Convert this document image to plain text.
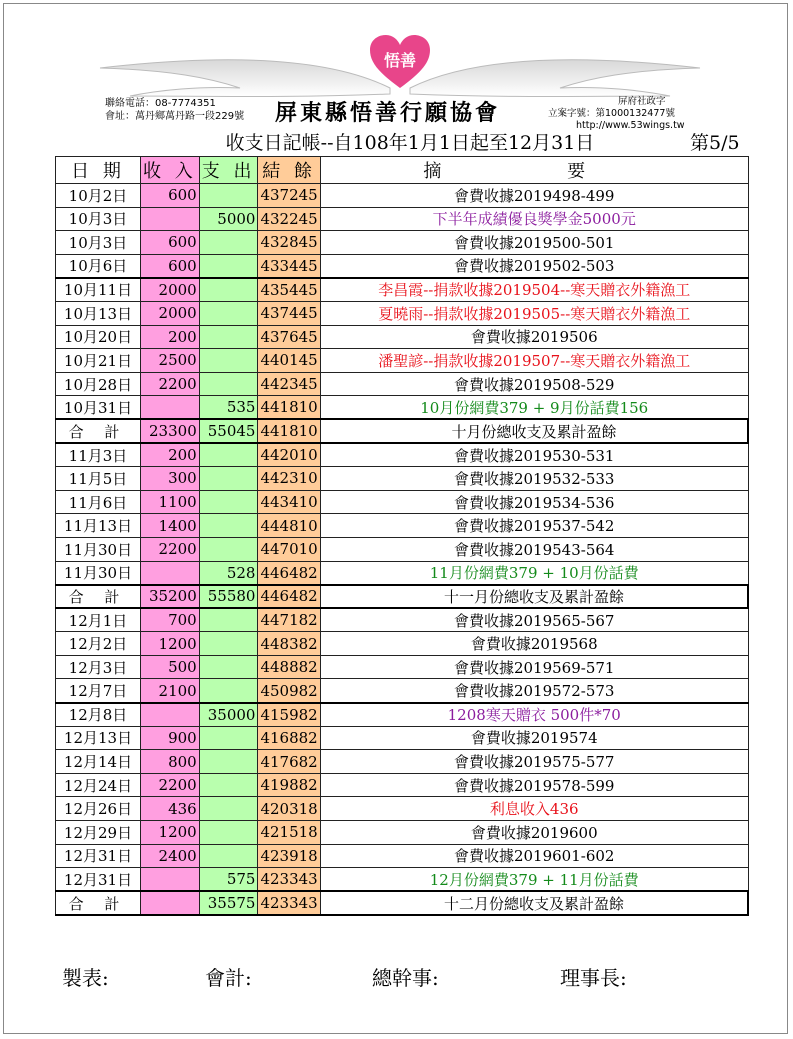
悟善
聯絡電話：08-7774351
會址：萬丹鄉萬丹路一段229號 屏東縣悟善行願協會	屏府社政字
立案字號：第1000132477號
http://www.53wings.tw
收支日記帳--自108年1月1日起至12月31日	第5/5
日 期	收 入	支 出	結 餘	摘 要
10月2日	600		437245	會費收據2019498-499
10月3日		5000	432245	下半年成績優良獎學金5000元
10月3日	600		432845	會費收據2019500-501
10月6日	600		433445	會費收據2019502-503
10月11日	2000		435445	李昌霞--捐款收據2019504--寒天贈衣外籍漁工
10月13日	2000		437445	夏曉雨--捐款收據2019505--寒天贈衣外籍漁工
10月20日	200		437645	會費收據2019506
10月21日	2500		440145	潘聖諺--捐款收據2019507--寒天贈衣外籍漁工
10月28日	2200		442345	會費收據2019508-529
10月31日		535	441810	10月份網費379 + 9月份話費156
合 計	23300	55045	441810	十月份總收支及累計盈餘
11月3日	200		442010	會費收據2019530-531
11月5日	300		442310	會費收據2019532-533
11月6日	1100		443410	會費收據2019534-536
11月13日	1400		444810	會費收據2019537-542
11月30日	2200		447010	會費收據2019543-564
11月30日		528	446482	11月份網費379 + 10月份話費
合 計	35200	55580	446482	十一月份總收支及累計盈餘
12月1日	700		447182	會費收據2019565-567
12月2日	1200		448382	會費收據2019568
12月3日	500		448882	會費收據2019569-571
12月7日	2100		450982	會費收據2019572-573
12月8日		35000	415982	1208寒天贈衣 500件*70
12月13日	900		416882	會費收據2019574
12月14日	800		417682	會費收據2019575-577
12月24日	2200		419882	會費收據2019578-599
12月26日	436		420318	利息收入436
12月29日	1200		421518	會費收據2019600
12月31日	2400		423918	會費收據2019601-602
12月31日		575	423343	12月份網費379 + 11月份話費
合 計		35575	423343	十二月份總收支及累計盈餘
製表:	會計:	總幹事:	理事長:
